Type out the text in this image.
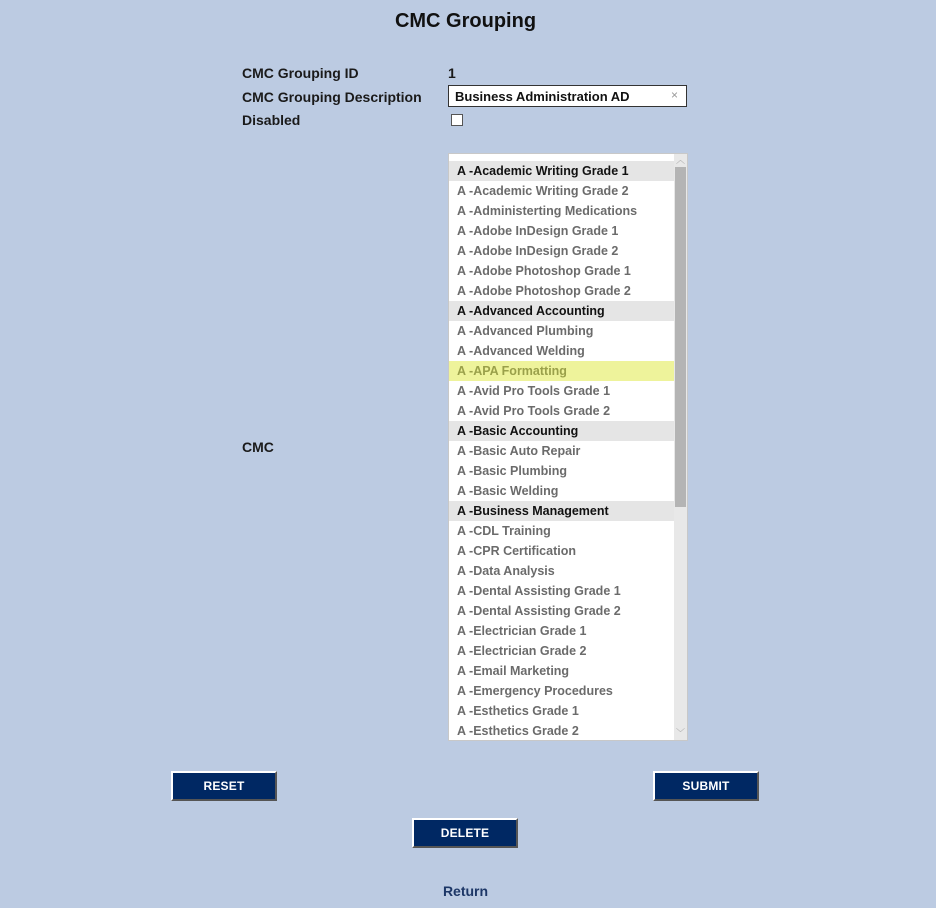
CMC Grouping
CMC Grouping ID	1
CMC Grouping Description
Business Administration AD	×
Disabled
CMC
A -Academic Writing Grade 1
A -Academic Writing Grade 2
A -Administerting Medications
A -Adobe InDesign Grade 1
A -Adobe InDesign Grade 2
A -Adobe Photoshop Grade 1
A -Adobe Photoshop Grade 2
A -Advanced Accounting
A -Advanced Plumbing
A -Advanced Welding
A -APA Formatting
A -Avid Pro Tools Grade 1
A -Avid Pro Tools Grade 2
A -Basic Accounting
A -Basic Auto Repair
A -Basic Plumbing
A -Basic Welding
A -Business Management
A -CDL Training
A -CPR Certification
A -Data Analysis
A -Dental Assisting Grade 1
A -Dental Assisting Grade 2
A -Electrician Grade 1
A -Electrician Grade 2
A -Email Marketing
A -Emergency Procedures
A -Esthetics Grade 1
A -Esthetics Grade 2
︿
﹀
RESET	SUBMIT
DELETE
Return
